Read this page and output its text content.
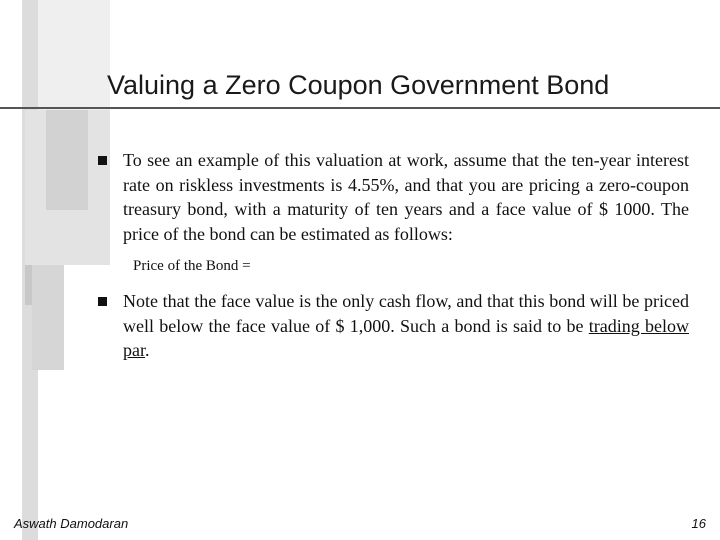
Valuing a Zero Coupon Government Bond
To see an example of this valuation at work, assume that the ten-year interest rate on riskless investments is 4.55%, and that you are pricing a zero-coupon treasury bond, with a maturity of ten years and a face value of $ 1000. The price of the bond can be estimated as follows:
Price of the Bond =
Note that the face value is the only cash flow, and that this bond will be priced well below the face value of $ 1,000. Such a bond is said to be trading below par.
Aswath Damodaran	16
